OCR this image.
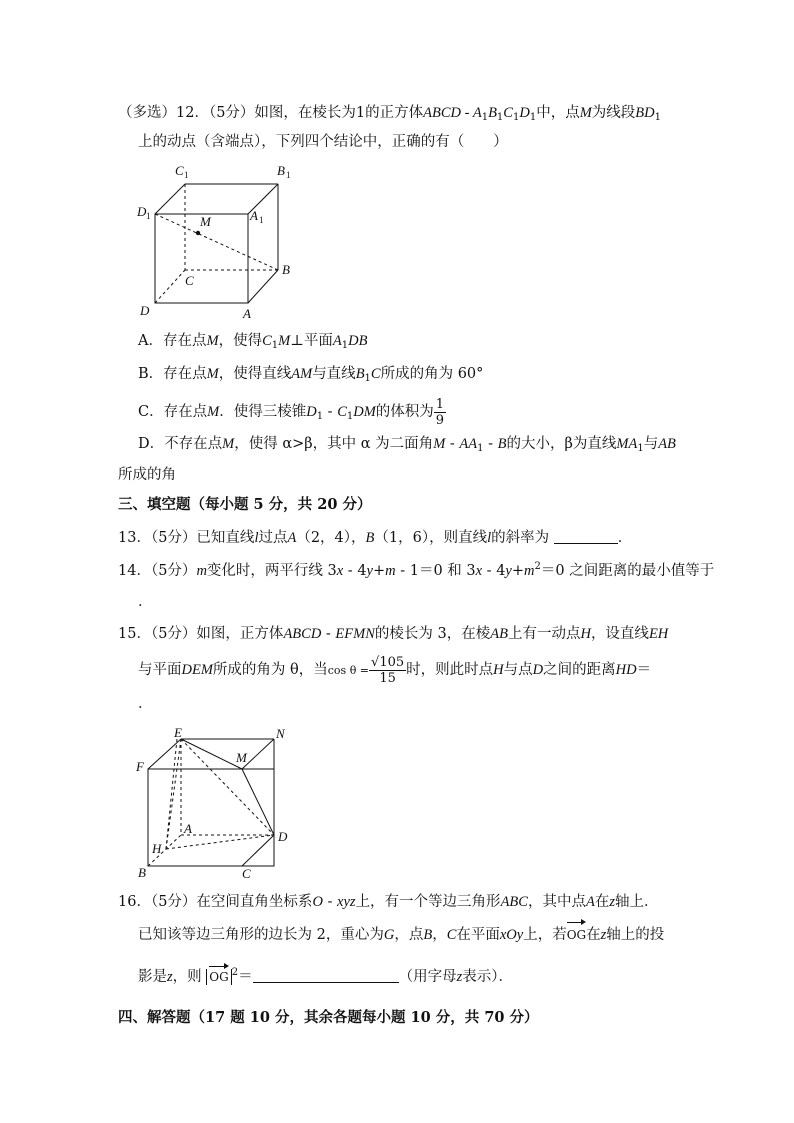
（多选）12．（5分）如图，在棱长为1的正方体ABCD - $A_1B_1C_1D_1$中，点M为线段$BD_1$
上的动点（含端点），下列四个结论中，正确的有（　　）
C 1	B 1
D 1	A 1
M
B
C
D	A
A．存在点M，使得$C_1M\perp$平面$A_1DB$
B．存在点M，使得直线AM与直线$B_1C$所成的角为 60°
C．存在点M．使得三棱锥$D_1 - C_1DM$的体积为 $\frac{1}{9}$
D．不存在点M，使得 α>β，其中 α 为二面角M - $AA_1$ - B的大小，β为直线$MA_1$与AB
所成的角
三、填空题（每小题 5 分，共 20 分）
13．（5分）已知直线l过点A（2，4），B（1，6），则直线l的斜率为	．
14．（5分）m变化时，两平行线 3x - 4y+m - 1＝0 和 $3x - 4y+m^2=0$ 之间距离的最小值等于
．
15．（5分）如图，正方体ABCD - EFMN的棱长为 3，在棱AB上有一动点H，设直线EH
与平面DEM所成的角为 θ，当$\cos \theta = \frac{√105}{15}$ 时，则此时点H与点D之间的距离HD＝
．
E	N
F
M
A
D
H
B	C
16．（5分）在空间直角坐标系O - xyz上，有一个等边三角形ABC，其中点A在z轴上．
已知该等边三角形的边长为 2，重心为G，点B，C在平面xOy上，若OG在z轴上的投
影是z，则 OG $^2$＝	（用字母z表示）．
四、解答题（17 题 10 分，其余各题每小题 10 分，共 70 分）
